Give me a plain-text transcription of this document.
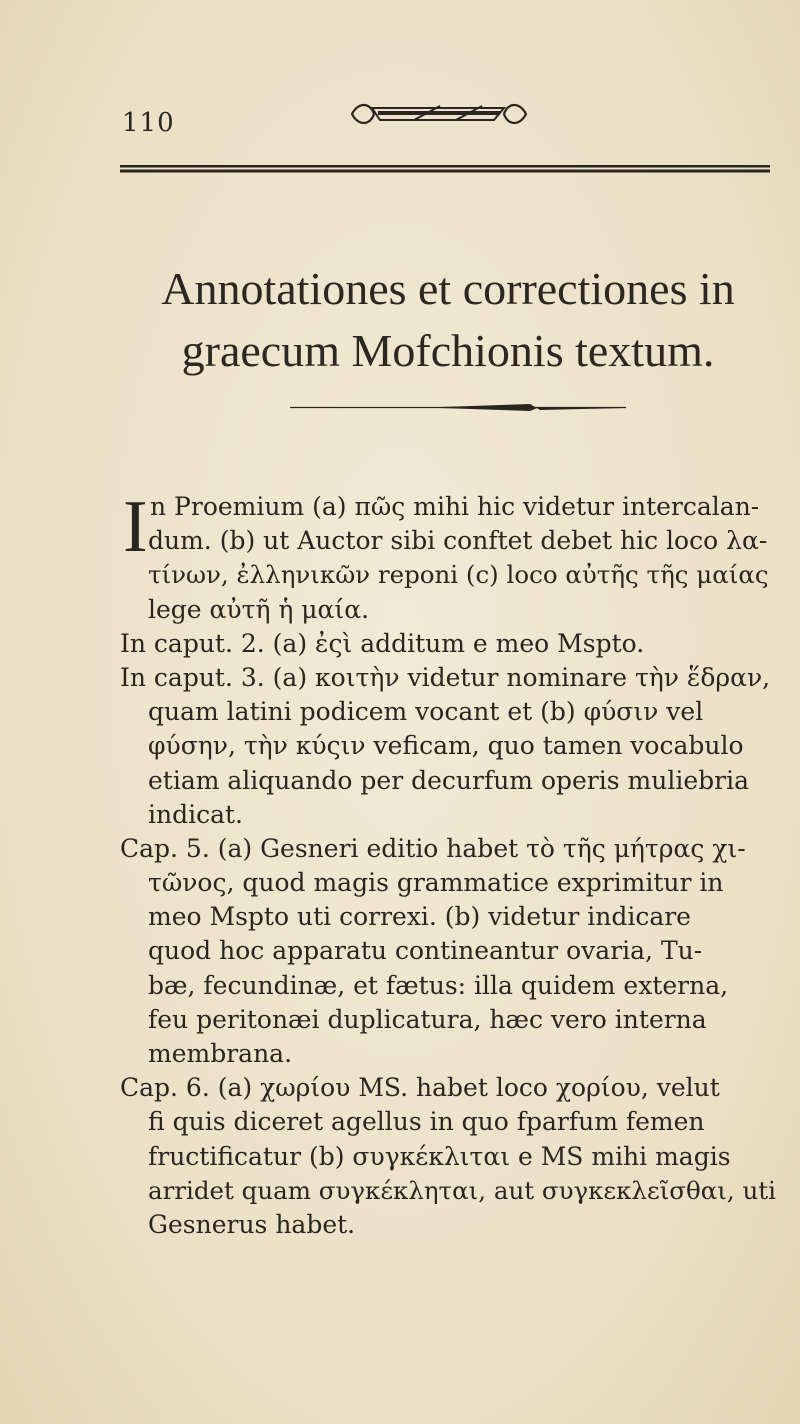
110
Annotationes et correctiones in
graecum Mofchionis textum.
I n Proemium (a) πῶς mihi hic videtur intercalan-
dum. (b) ut Auctor sibi conftet debet hic loco λα-
τίνων, ἐλληνικῶν reponi (c) loco αὐτῆς τῆς μαίας
lege αὐτῆ ἡ μαία.
In caput. 2. (a) ἐςὶ additum e meo Mspto.
In caput. 3. (a) κοιτὴν videtur nominare τὴν ἕδραν,
quam latini podicem vocant et (b) φύσιν vel
φύσην, τὴν κύςιν veficam, quo tamen vocabulo
etiam aliquando per decurfum operis muliebria
indicat.
Cap. 5. (a) Gesneri editio habet τὸ τῆς μήτρας χι-
τῶνος, quod magis grammatice exprimitur in
meo Mspto uti correxi. (b) videtur indicare
quod hoc apparatu contineantur ovaria, Tu-
bæ, fecundinæ, et fætus: illa quidem externa,
feu peritonæi duplicatura, hæc vero interna
membrana.
Cap. 6. (a) χωρίου MS. habet loco χορίου, velut
fi quis diceret agellus in quo fparfum femen
fructificatur (b) συγκέκλιται e MS mihi magis
arridet quam συγκέκληται, aut συγκεκλεῖσθαι, uti
Gesnerus habet.
